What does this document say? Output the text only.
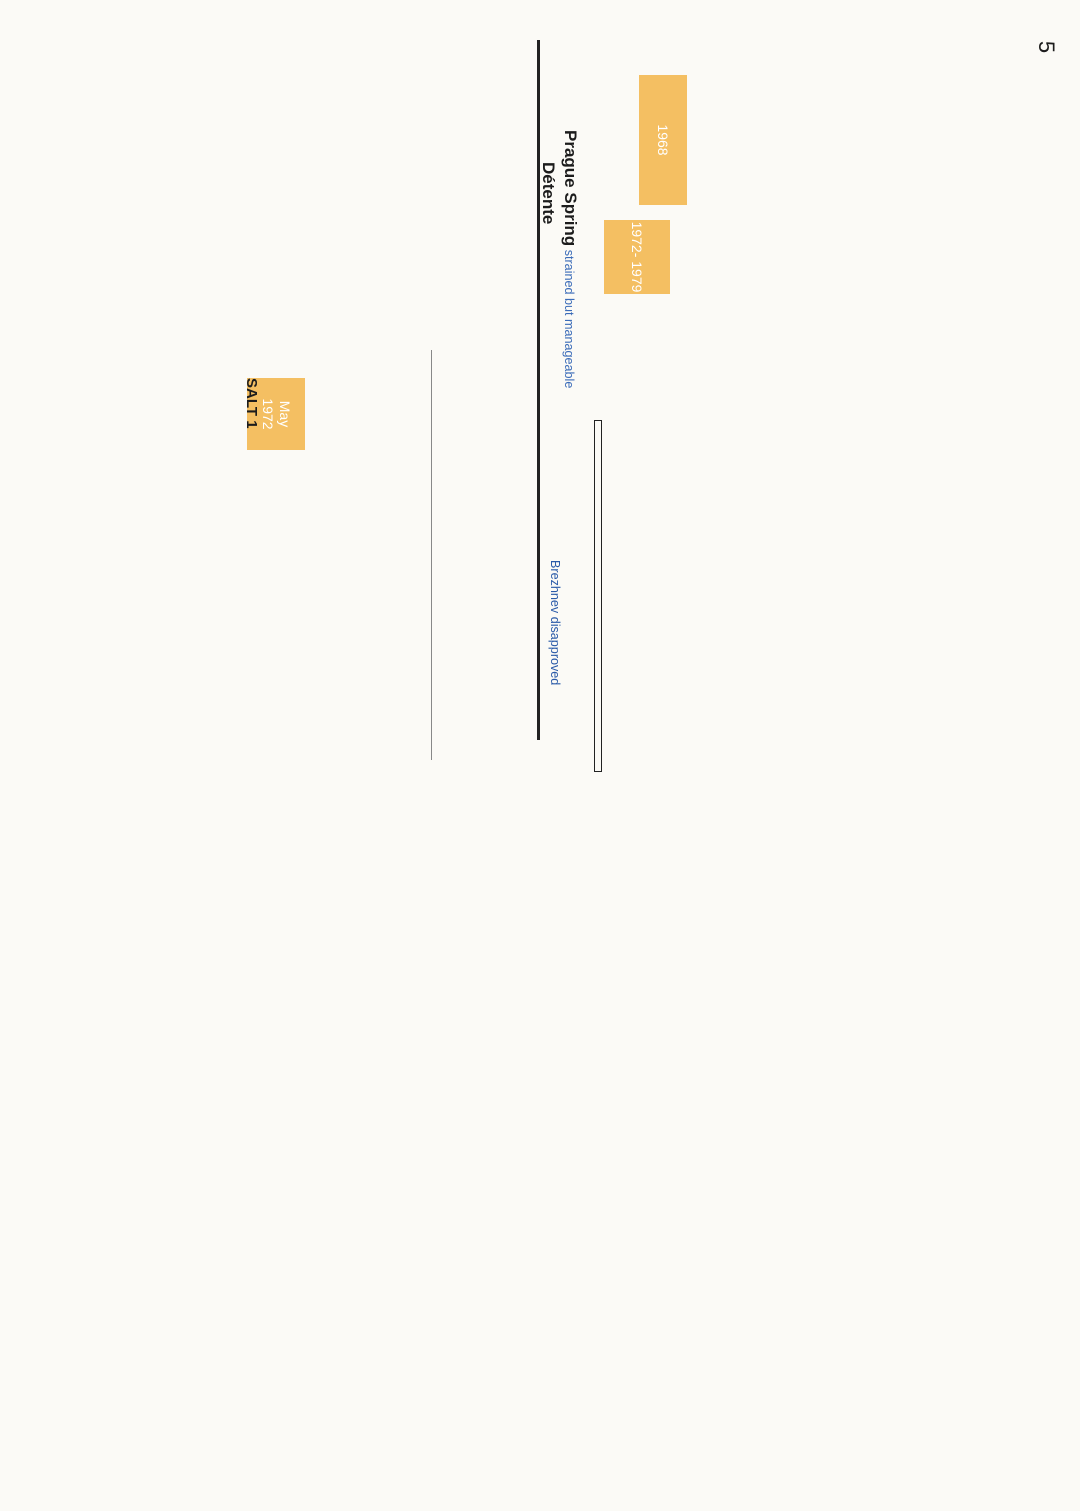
5
1968
Prague Spring strained but manageable
Brezhnev disapproved
Détente
1972- 1979
May
1972
SALT 1
